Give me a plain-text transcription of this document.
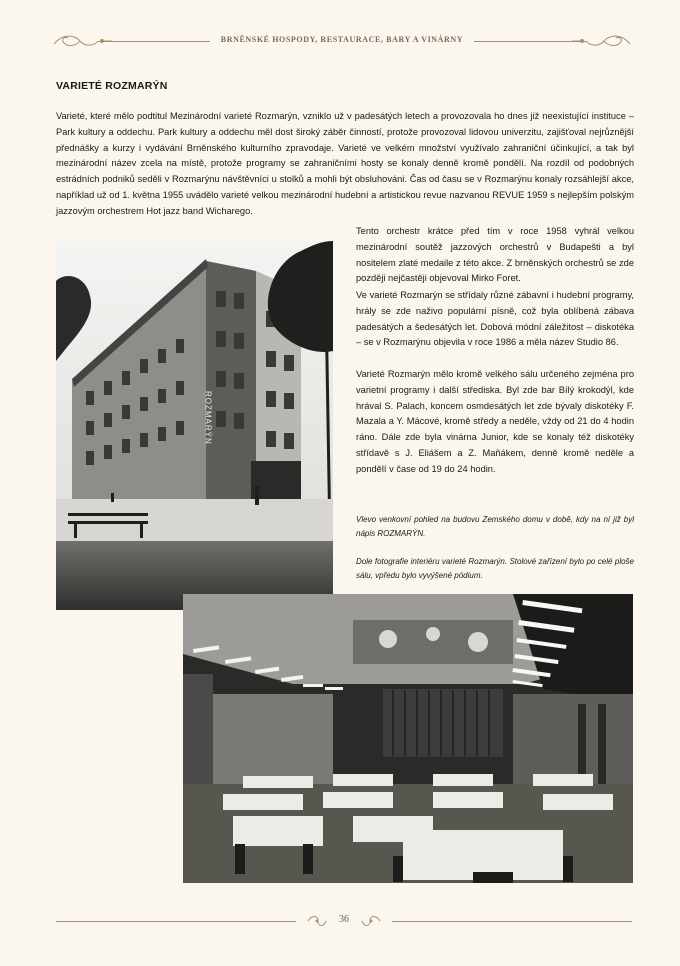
BRNĚNSKÉ HOSPODY, RESTAURACE, BARY A VINÁRNY
VARIETÉ ROZMARÝN

Varieté, které mělo podtitul Mezinárodní varieté Rozmarýn, vzniklo už v padesátých letech a provozovala ho dnes již neexistující instituce – Park kultury a oddechu. Park kultury a oddechu měl dost široký záběr činností, protože provozoval lidovou univerzitu, zajišťoval nejrůznější přednášky a kurzy i vydávání Brněnského kulturního zpravodaje. Varieté ve velkém množství využívalo zahraniční účinkující, a tak byl mezinárodní název zcela na místě, protože programy se zahraničními hosty se konaly denně kromě pondělí. Na rozdíl od podobných estrádních podniků seděli v Rozmarýnu návštěvníci u stolků a mohli být obsluhováni. Čas od času se v Rozmarýnu konaly rozsáhlejší akce, například už od 1. května 1955 uvádělo varieté velkou mezinárodní hudební a artistickou revue nazvanou REVUE 1959 s nejlepším polským jazzovým orchestrem Hot jazz band Wicharego.

ROZMARÝN

Tento orchestr krátce před tím v roce 1958 vyhrál velkou mezinárodní soutěž jazzových orchestrů v Budapešti a byl nositelem zlaté medaile z této akce. Z brněnských orchestrů se zde později nejčastěji objevoval Mirko Foret.

Ve varieté Rozmarýn se střídaly různé zábavní i hudební programy, hrály se zde naživo populární písně, což byla oblíbená zábava padesátých a šedesátých let. Dobová módní záležitost – diskotéka – se v Rozmarýnu objevila v roce 1986 a měla název Studio 86.

Varieté Rozmarýn mělo kromě velkého sálu určeného zejména pro varietní programy i další střediska. Byl zde bar Bílý krokodýl, kde hrával S. Palach, koncem osmdesátých let zde bývaly diskotéky F. Mazala a Y. Mácové, kromě středy a neděle, vždy od 21 do 4 hodin ráno. Dále zde byla vinárna Junior, kde se konaly též diskotéky střídavě s J. Eliášem a Z. Maňákem, denně kromě neděle a pondělí v čase od 19 do 24 hodin.

Vlevo venkovní pohled na budovu Zemského domu v době, kdy na ní již byl nápis ROZMARÝN.

Dole fotografie interiéru varieté Rozmarýn. Stolové zařízení bylo po celé ploše sálu, vpředu bylo vyvýšené pódium.

36
